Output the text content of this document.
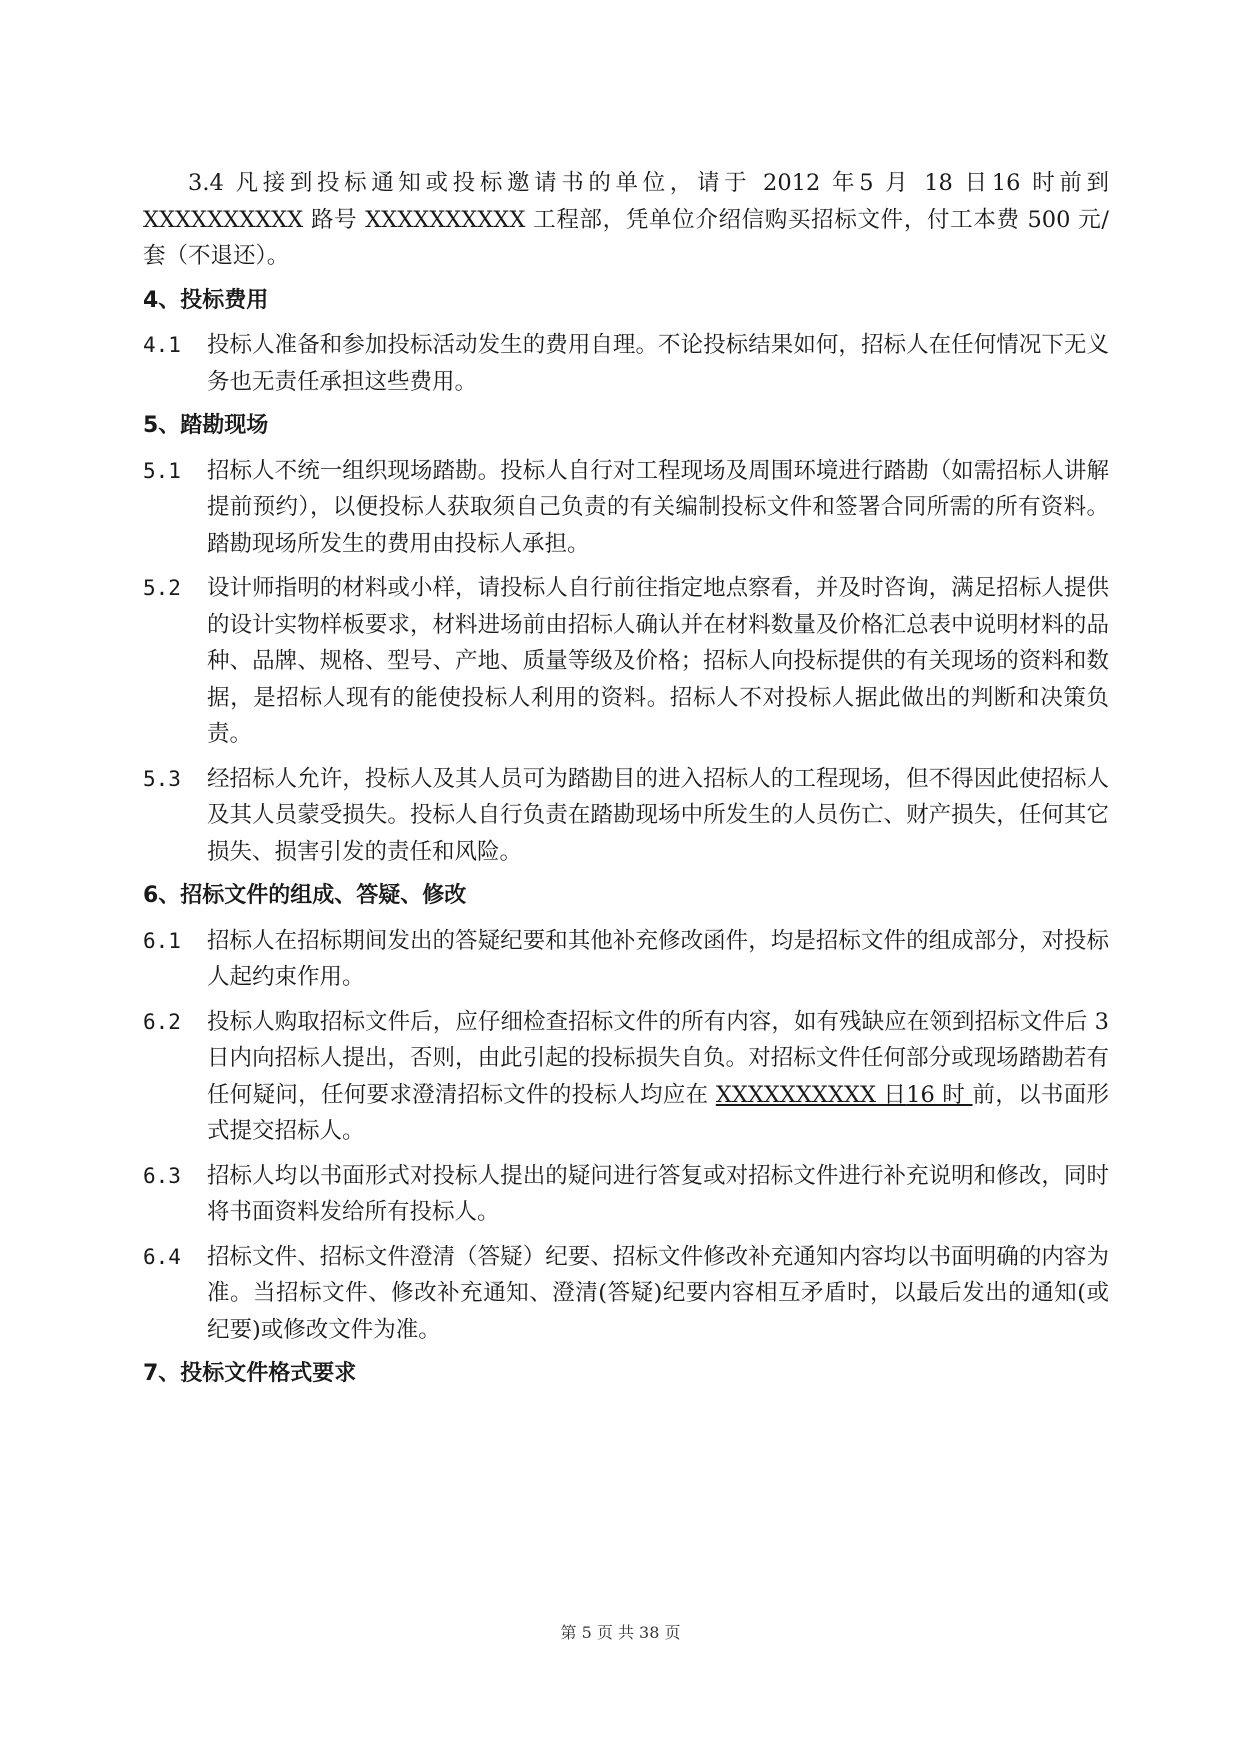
3.4 凡接到投标通知或投标邀请书的单位，请于 2012 年5 月 18 日16 时前到XXXXXXXXXX 路号 XXXXXXXXXX 工程部，凭单位介绍信购买招标文件，付工本费 500 元/套（不退还）。

4、投标费用
4.1	投标人准备和参加投标活动发生的费用自理。不论投标结果如何，招标人在任何情况下无义务也无责任承担这些费用。
5、踏勘现场
5.1	招标人不统一组织现场踏勘。投标人自行对工程现场及周围环境进行踏勘（如需招标人讲解提前预约），以便投标人获取须自己负责的有关编制投标文件和签署合同所需的所有资料。踏勘现场所发生的费用由投标人承担。
5.2	设计师指明的材料或小样，请投标人自行前往指定地点察看，并及时咨询，满足招标人提供的设计实物样板要求，材料进场前由招标人确认并在材料数量及价格汇总表中说明材料的品种、品牌、规格、型号、产地、质量等级及价格；招标人向投标提供的有关现场的资料和数据，是招标人现有的能使投标人利用的资料。招标人不对投标人据此做出的判断和决策负责。
5.3	经招标人允许，投标人及其人员可为踏勘目的进入招标人的工程现场，但不得因此使招标人及其人员蒙受损失。投标人自行负责在踏勘现场中所发生的人员伤亡、财产损失，任何其它损失、损害引发的责任和风险。
6、招标文件的组成、答疑、修改
6.1	招标人在招标期间发出的答疑纪要和其他补充修改函件，均是招标文件的组成部分，对投标人起约束作用。
6.2	投标人购取招标文件后，应仔细检查招标文件的所有内容，如有残缺应在领到招标文件后 3 日内向招标人提出，否则，由此引起的投标损失自负。对招标文件任何部分或现场踏勘若有任何疑问，任何要求澄清招标文件的投标人均应在 XXXXXXXXXX 日16 时 前，以书面形式提交招标人。
6.3	招标人均以书面形式对投标人提出的疑问进行答复或对招标文件进行补充说明和修改，同时将书面资料发给所有投标人。
6.4	招标文件、招标文件澄清（答疑）纪要、招标文件修改补充通知内容均以书面明确的内容为准。当招标文件、修改补充通知、澄清(答疑)纪要内容相互矛盾时，以最后发出的通知(或纪要)或修改文件为准。
7、投标文件格式要求
第 5 页 共 38 页
